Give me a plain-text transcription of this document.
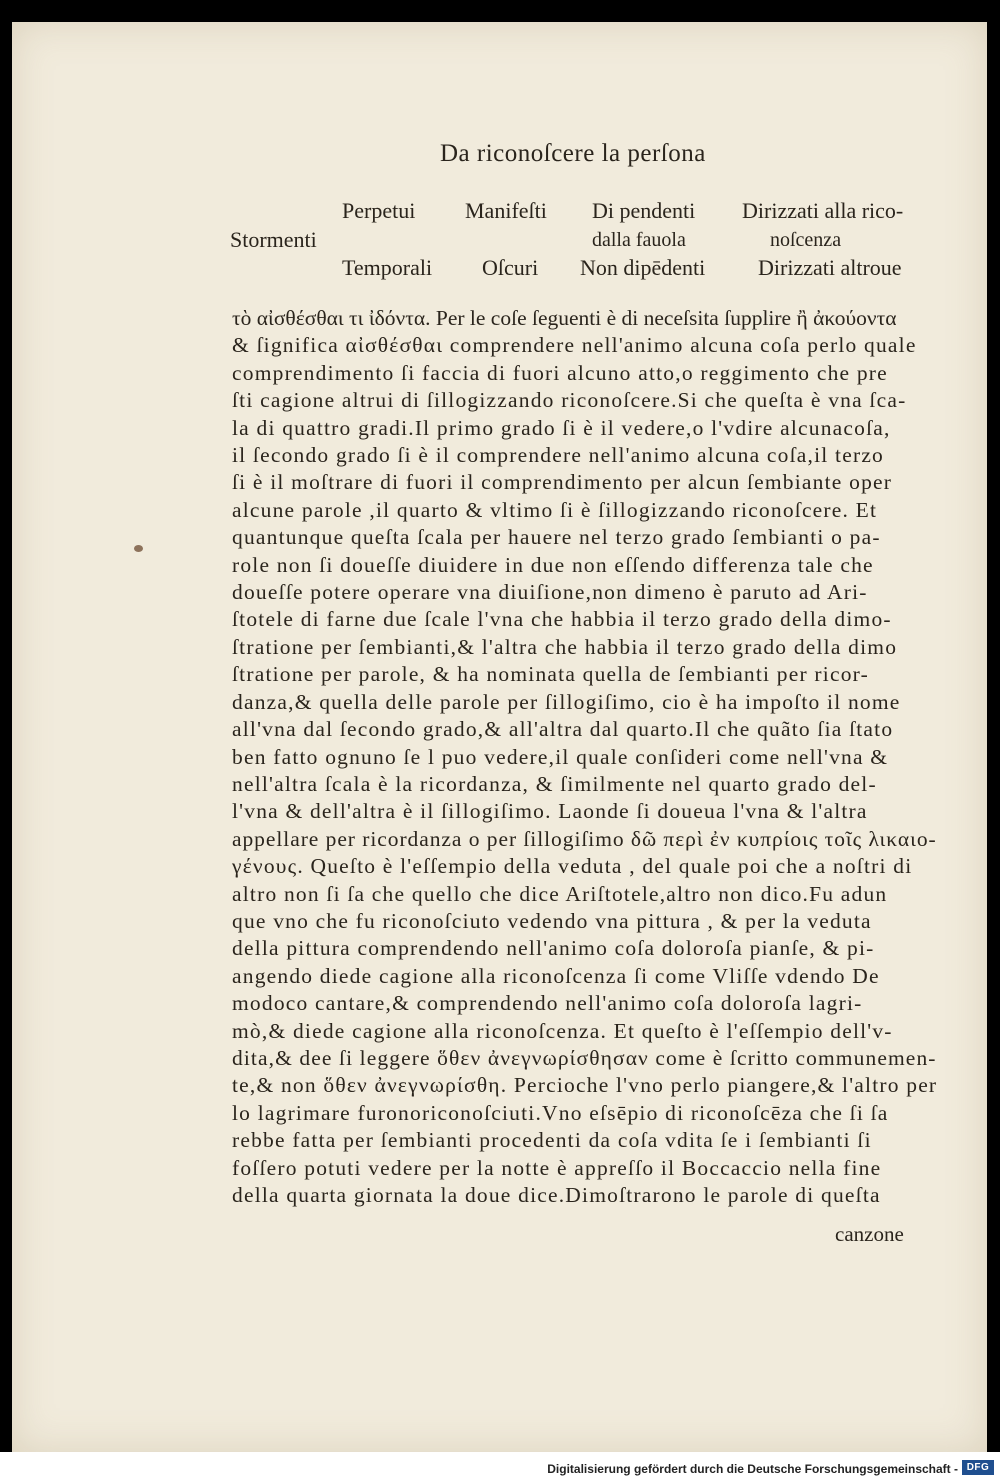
Da riconoſcere la perſona
Perpetui Manifeſti Di pendenti Dirizzati alla rico-
Stormenti	dalla fauola	noſcenza
Temporali Oſcuri Non dipēdenti Dirizzati altroue
τὸ αἰσθέσθαι τι ἰδόντα. Per le coſe ſeguenti è di neceſsita ſupplire ἢ ἀκούοντα
& ſignifica αἰσθέσθαι comprendere nell'animo alcuna coſa perlo quale
comprendimento ſi faccia di fuori alcuno atto,o reggimento che pre
ſti cagione altrui di ſillogizzando riconoſcere.Si che queſta è vna ſca-
la di quattro gradi.Il primo grado ſi è il vedere,o l'vdire alcunacoſa,
il ſecondo grado ſi è il comprendere nell'animo alcuna coſa,il terzo
ſi è il moſtrare di fuori il comprendimento per alcun ſembiante oper
alcune parole ,il quarto & vltimo ſi è ſillogizzando riconoſcere. Et
quantunque queſta ſcala per hauere nel terzo grado ſembianti o pa-
role non ſi doueſſe diuidere in due non eſſendo differenza tale che
doueſſe potere operare vna diuiſione,non dimeno è paruto ad Ari-
ſtotele di farne due ſcale l'vna che habbia il terzo grado della dimo-
ſtratione per ſembianti,& l'altra che habbia il terzo grado della dimo
ſtratione per parole, & ha nominata quella de ſembianti per ricor-
danza,& quella delle parole per ſillogiſimo, cio è ha impoſto il nome
all'vna dal ſecondo grado,& all'altra dal quarto.Il che quãto ſia ſtato
ben fatto ognuno ſe l puo vedere,il quale conſideri come nell'vna &
nell'altra ſcala è la ricordanza, & ſimilmente nel quarto grado del-
l'vna & dell'altra è il ſillogiſimo. Laonde ſi doueua l'vna & l'altra
appellare per ricordanza o per ſillogiſimo δῶ περὶ ἐν κυπρίοις τοῖς λικαιο-
γένους. Queſto è l'eſſempio della veduta , del quale poi che a noſtri di
altro non ſi ſa che quello che dice Ariſtotele,altro non dico.Fu adun
que vno che fu riconoſciuto vedendo vna pittura , & per la veduta
della pittura comprendendo nell'animo coſa doloroſa pianſe, & pi-
angendo diede cagione alla riconoſcenza ſi come Vliſſe vdendo De
modoco cantare,& comprendendo nell'animo coſa doloroſa lagri-
mò,& diede cagione alla riconoſcenza. Et queſto è l'eſſempio dell'v-
dita,& dee ſi leggere ὅθεν ἀνεγνωρίσθησαν come è ſcritto communemen-
te,& non ὅθεν ἀνεγνωρίσθη. Percioche l'vno perlo piangere,& l'altro per
lo lagrimare furonoriconoſciuti.Vno eſsēpio di riconoſcēza che ſi ſa
rebbe fatta per ſembianti procedenti da coſa vdita ſe i ſembianti ſi
foſſero potuti vedere per la notte è appreſſo il Boccaccio nella fine
della quarta giornata la doue dice.Dimoſtrarono le parole di queſta
canzone
Digitalisierung gefördert durch die Deutsche Forschungsgemeinschaft - DFG
